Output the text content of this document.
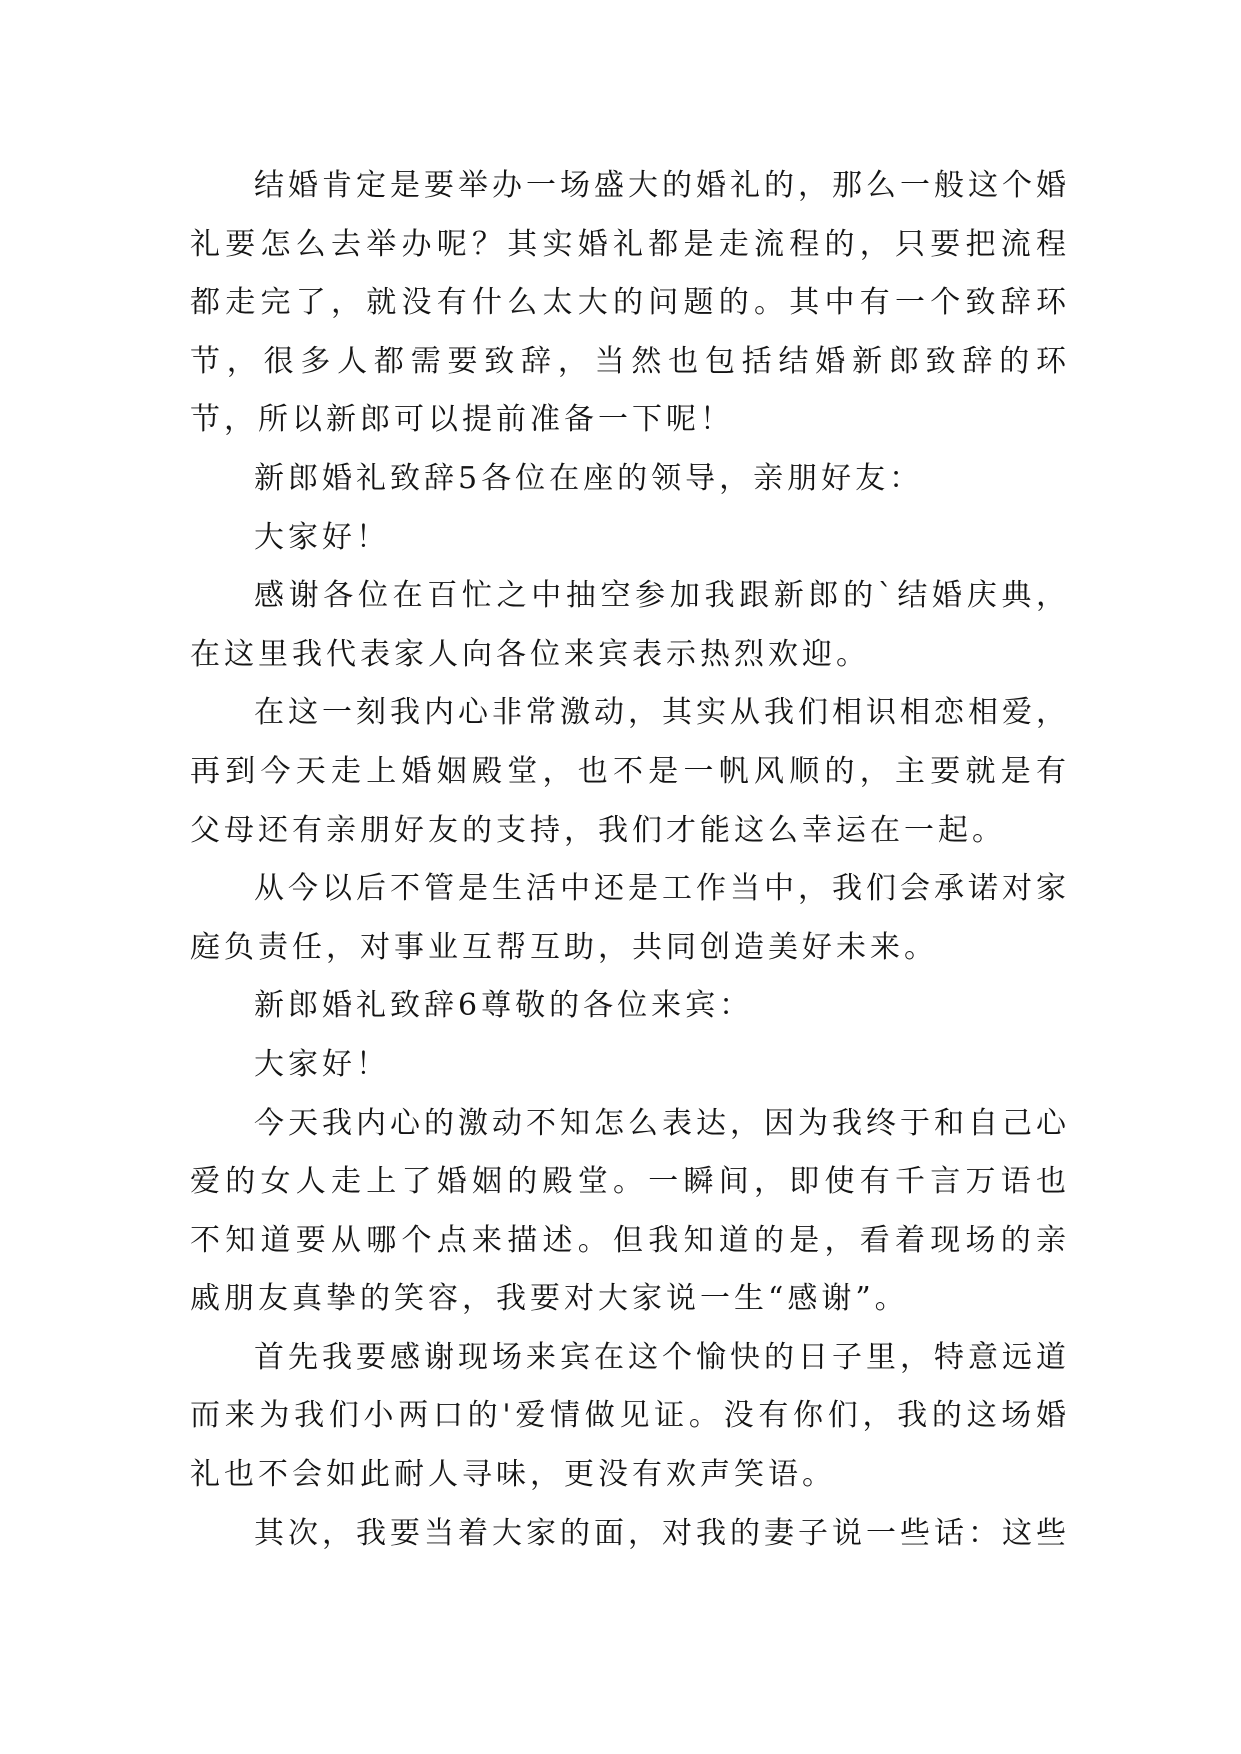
结婚肯定是要举办一场盛大的婚礼的，那么一般这个婚礼要怎么去举办呢？其实婚礼都是走流程的，只要把流程都走完了，就没有什么太大的问题的。其中有一个致辞环节，很多人都需要致辞，当然也包括结婚新郎致辞的环节，所以新郎可以提前准备一下呢！

新郎婚礼致辞5各位在座的领导，亲朋好友：

大家好！

感谢各位在百忙之中抽空参加我跟新郎的`结婚庆典，在这里我代表家人向各位来宾表示热烈欢迎。

在这一刻我内心非常激动，其实从我们相识相恋相爱，再到今天走上婚姻殿堂，也不是一帆风顺的，主要就是有父母还有亲朋好友的支持，我们才能这么幸运在一起。

从今以后不管是生活中还是工作当中，我们会承诺对家庭负责任，对事业互帮互助，共同创造美好未来。

新郎婚礼致辞6尊敬的各位来宾：

大家好！

今天我内心的激动不知怎么表达，因为我终于和自己心爱的女人走上了婚姻的殿堂。一瞬间，即使有千言万语也不知道要从哪个点来描述。但我知道的是，看着现场的亲戚朋友真挚的笑容，我要对大家说一生“感谢”。

首先我要感谢现场来宾在这个愉快的日子里，特意远道而来为我们小两口的'爱情做见证。没有你们，我的这场婚礼也不会如此耐人寻味，更没有欢声笑语。

其次，我要当着大家的面，对我的妻子说一些话：这些
